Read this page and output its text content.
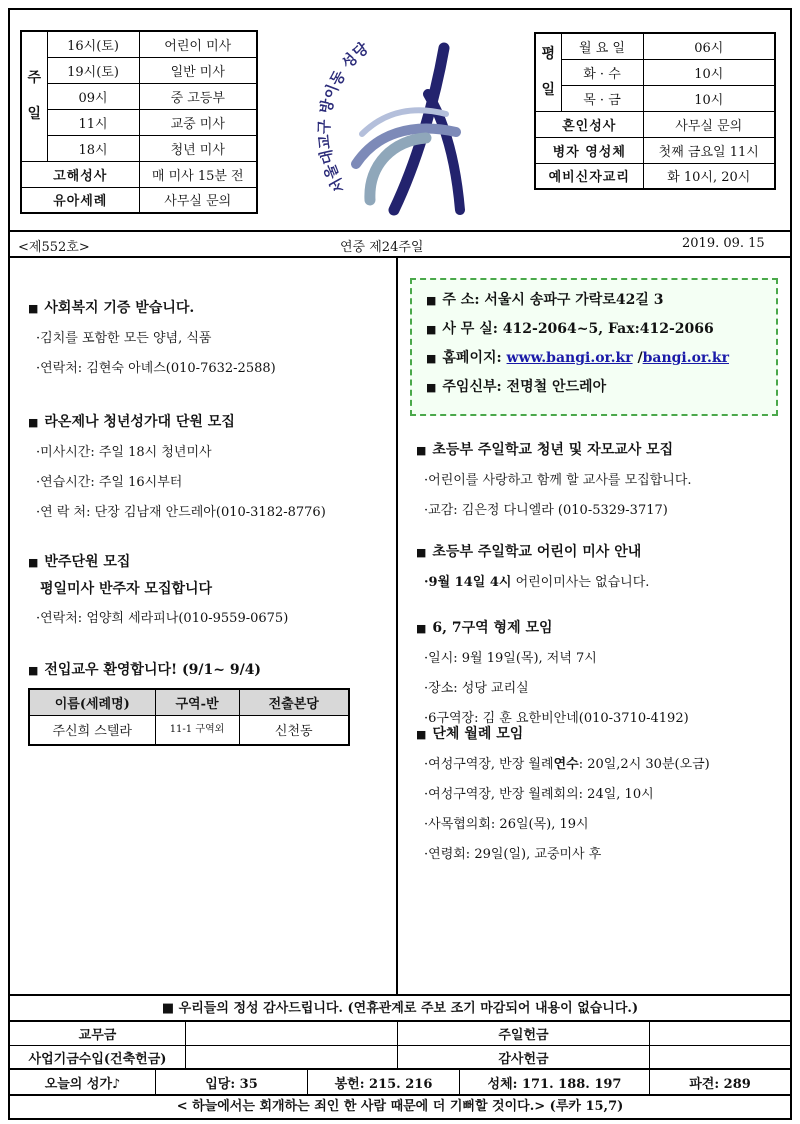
주

일	16시(토)	어린이 미사
	19시(토)	일반 미사
	09시	중 고등부
	11시	교중 미사
	18시	청년 미사
고해성사		매 미사 15분 전
유아세례		사무실 문의
서울대교구 방이동 성당	평

일	월 요 일	06시
	화 · 수	10시
	목 · 금	10시
혼인성사		사무실 문의
병자 영성체		첫째 금요일 11시
예비신자교리		화 10시, 20시
<제552호>	연중 제24주일	2019. 09. 15
■ 사회복지 기증 받습니다.
·김치를 포함한 모든 양념, 식품
·연락처: 김현숙 아녜스(010-7632-2588)
■ 라온제나 청년성가대 단원 모집
·미사시간: 주일 18시 청년미사
·연습시간: 주일 16시부터
·연 락 처: 단장 김남재 안드레아(010-3182-8776)
■ 반주단원 모집
평일미사 반주자 모집합니다
·연락처: 엄양희 세라피나(010-9559-0675)
■ 전입교우 환영합니다! (9/1~ 9/4)
이름(세례명)	구역-반	전출본당
주신희 스텔라	11-1 구역외	신천동
■ 주 소: 서울시 송파구 가락로42길 3
■ 사 무 실: 412-2064~5, Fax:412-2066
■ 홈페이지: www.bangi.or.kr /bangi.or.kr
■ 주임신부: 전명철 안드레아
■ 초등부 주일학교 청년 및 자모교사 모집
·어린이를 사랑하고 함께 할 교사를 모집합니다.
·교감: 김은정 다니엘라 (010-5329-3717)
■ 초등부 주일학교 어린이 미사 안내
·9월 14일 4시 어린이미사는 없습니다.
■ 6, 7구역 형제 모임
·일시: 9월 19일(목), 저녁 7시
·장소: 성당 교리실
·6구역장: 김 훈 요한비안네(010-3710-4192)
■ 단체 월례 모임
·여성구역장, 반장 월례연수: 20일,2시 30분(오금)
·여성구역장, 반장 월례회의: 24일, 10시
·사목협의회: 26일(목), 19시
·연령회: 29일(일), 교중미사 후
■ 우리들의 정성 감사드립니다. (연휴관계로 주보 조기 마감되어 내용이 없습니다.)
교무금	주일헌금
사업기금수입(건축헌금)	감사헌금
오늘의 성가♪	입당: 35	봉헌: 215. 216	성체: 171. 188. 197	파견: 289
< 하늘에서는 회개하는 죄인 한 사람 때문에 더 기뻐할 것이다.> (루카 15,7)
